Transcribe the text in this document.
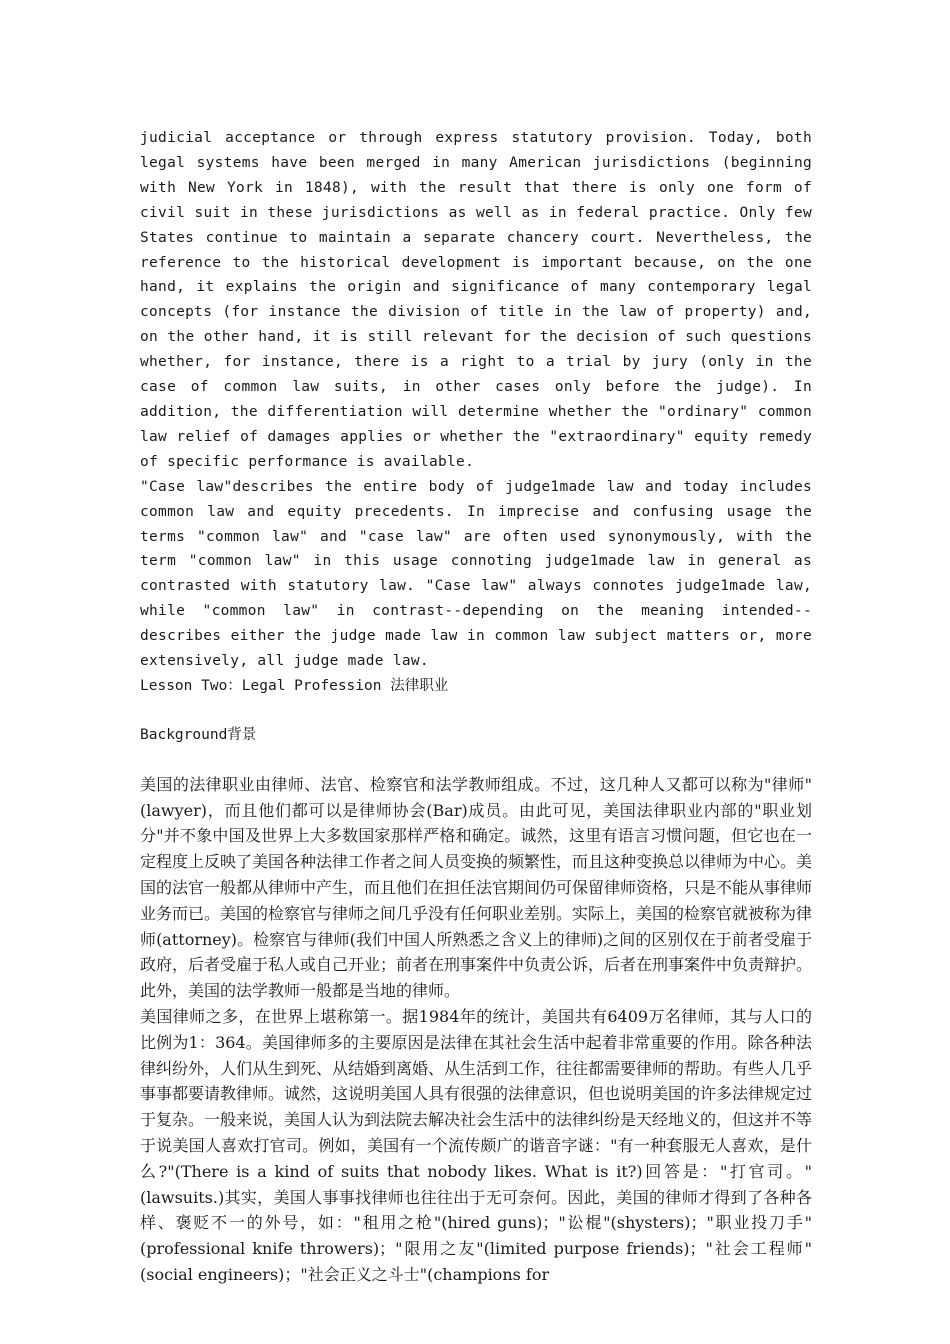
judicial acceptance or through express statutory provision. Today, both legal systems have been merged in many American jurisdictions (beginning with New York in 1848), with the result that there is only one form of civil suit in these jurisdictions as well as in federal practice. Only few States continue to maintain a separate chancery court. Nevertheless, the reference to the historical development is important because, on the one hand, it explains the origin and significance of many contemporary legal concepts (for instance the division of title in the law of property) and, on the other hand, it is still relevant for the decision of such questions whether, for instance, there is a right to a trial by jury (only in the case of common law suits, in other cases only before the judge). In addition, the differentiation will determine whether the "ordinary" common law relief of damages applies or whether the "extraordinary" equity remedy of specific performance is available.

"Case law"describes the entire body of judge1made law and today includes common law and equity precedents. In imprecise and confusing usage the terms "common law" and "case law" are often used synonymously, with the term "common law" in this usage connoting judge1made law in general as contrasted with statutory law. "Case law" always connotes judge1made law, while "common law" in contrast--depending on the meaning intended--describes either the judge made law in common law subject matters or, more extensively, all judge made law.

Lesson Two：Legal Profession 法律职业

Background背景

美国的法律职业由律师、法官、检察官和法学教师组成。不过，这几种人又都可以称为"律师"(lawyer)，而且他们都可以是律师协会(Bar)成员。由此可见，美国法律职业内部的"职业划分"并不象中国及世界上大多数国家那样严格和确定。诚然，这里有语言习惯问题，但它也在一定程度上反映了美国各种法律工作者之间人员变换的频繁性，而且这种变换总以律师为中心。美国的法官一般都从律师中产生，而且他们在担任法官期间仍可保留律师资格，只是不能从事律师业务而已。美国的检察官与律师之间几乎没有任何职业差别。实际上，美国的检察官就被称为律师(attorney)。检察官与律师(我们中国人所熟悉之含义上的律师)之间的区别仅在于前者受雇于政府，后者受雇于私人或自己开业；前者在刑事案件中负责公诉，后者在刑事案件中负责辩护。此外，美国的法学教师一般都是当地的律师。

美国律师之多，在世界上堪称第一。据1984年的统计，美国共有6409万名律师，其与人口的比例为1：364。美国律师多的主要原因是法律在其社会生活中起着非常重要的作用。除各种法律纠纷外，人们从生到死、从结婚到离婚、从生活到工作，往往都需要律师的帮助。有些人几乎事事都要请教律师。诚然，这说明美国人具有很强的法律意识，但也说明美国的许多法律规定过于复杂。一般来说，美国人认为到法院去解决社会生活中的法律纠纷是天经地义的，但这并不等于说美国人喜欢打官司。例如，美国有一个流传颇广的谐音字谜："有一种套服无人喜欢，是什么?"(There is a kind of suits that nobody likes. What is it?)回答是："打官司。"(lawsuits.)其实，美国人事事找律师也往往出于无可奈何。因此，美国的律师才得到了各种各样、褒贬不一的外号，如："租用之枪"(hired guns)；"讼棍"(shysters)；"职业投刀手"(professional knife throwers)；"限用之友"(limited purpose friends)；"社会工程师"(social engineers)；"社会正义之斗士"(champions for
